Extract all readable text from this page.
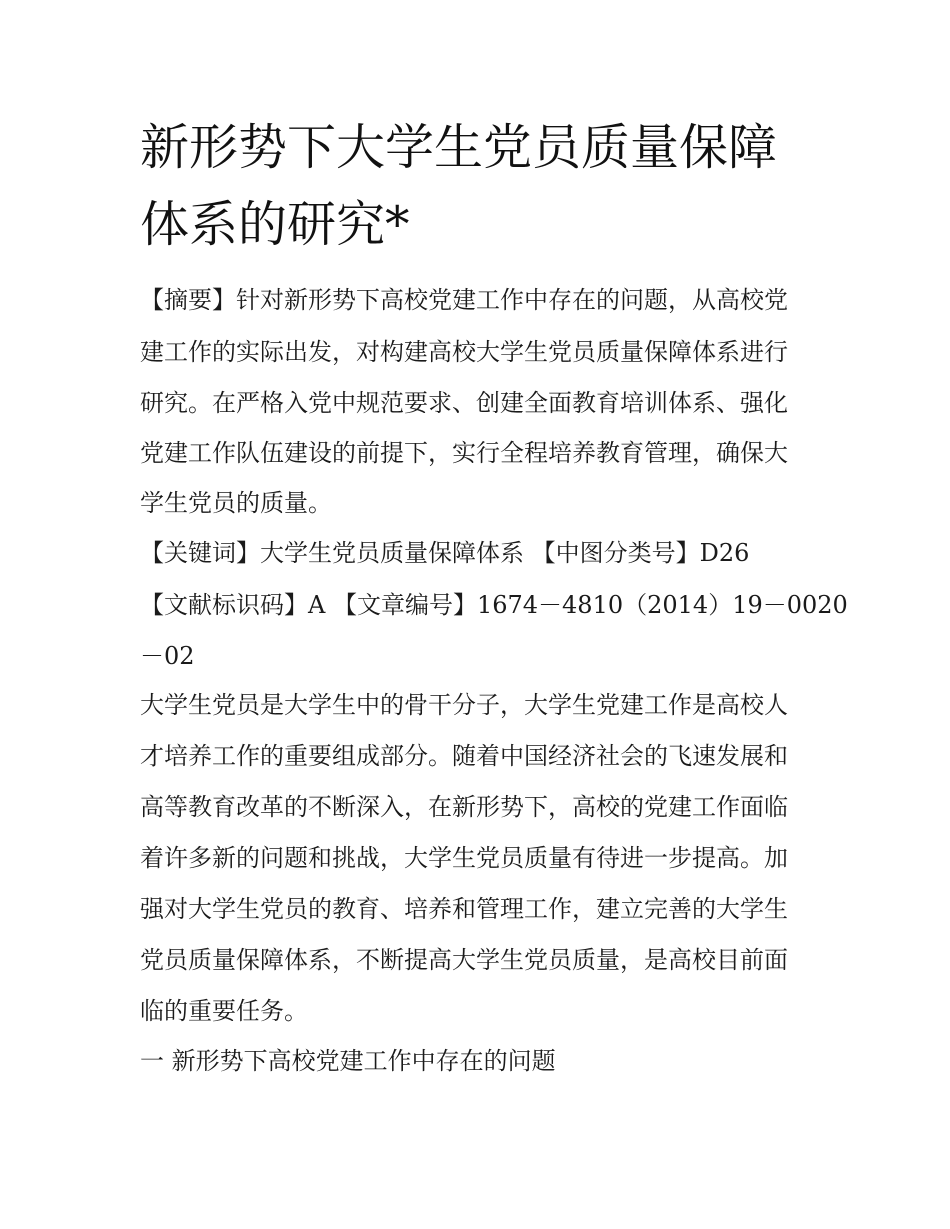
新形势下大学生党员质量保障
体系的研究*
【摘要】针对新形势下高校党建工作中存在的问题，从高校党
建工作的实际出发，对构建高校大学生党员质量保障体系进行
研究。在严格入党中规范要求、创建全面教育培训体系、强化
党建工作队伍建设的前提下，实行全程培养教育管理，确保大
学生党员的质量。
【关键词】大学生党员质量保障体系 【中图分类号】D26
【文献标识码】A 【文章编号】1674－4810（2014）19－0020
－02
大学生党员是大学生中的骨干分子，大学生党建工作是高校人
才培养工作的重要组成部分。随着中国经济社会的飞速发展和
高等教育改革的不断深入，在新形势下，高校的党建工作面临
着许多新的问题和挑战，大学生党员质量有待进一步提高。加
强对大学生党员的教育、培养和管理工作，建立完善的大学生
党员质量保障体系，不断提高大学生党员质量，是高校目前面
临的重要任务。
一 新形势下高校党建工作中存在的问题
